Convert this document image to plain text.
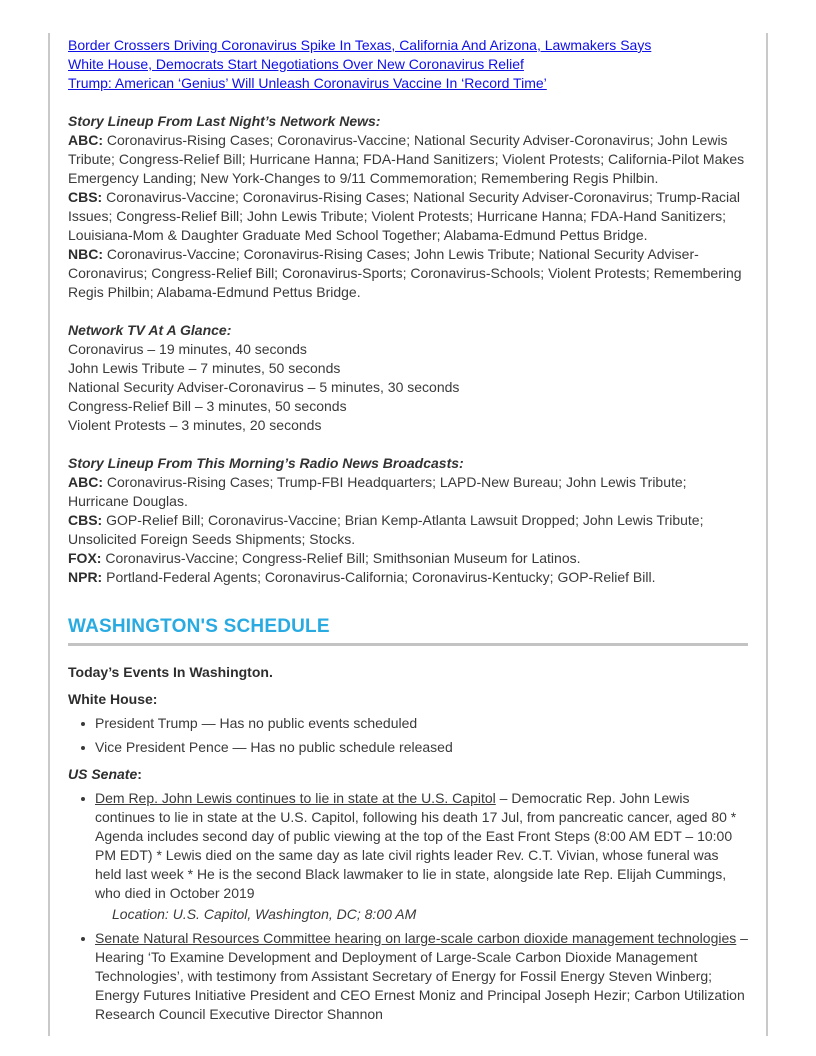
Border Crossers Driving Coronavirus Spike In Texas, California And Arizona, Lawmakers Says
White House, Democrats Start Negotiations Over New Coronavirus Relief
Trump: American ‘Genius’ Will Unleash Coronavirus Vaccine In ‘Record Time’
Story Lineup From Last Night’s Network News:
ABC: Coronavirus-Rising Cases; Coronavirus-Vaccine; National Security Adviser-Coronavirus; John Lewis Tribute; Congress-Relief Bill; Hurricane Hanna; FDA-Hand Sanitizers; Violent Protests; California-Pilot Makes Emergency Landing; New York-Changes to 9/11 Commemoration; Remembering Regis Philbin.
CBS: Coronavirus-Vaccine; Coronavirus-Rising Cases; National Security Adviser-Coronavirus; Trump-Racial Issues; Congress-Relief Bill; John Lewis Tribute; Violent Protests; Hurricane Hanna; FDA-Hand Sanitizers; Louisiana-Mom & Daughter Graduate Med School Together; Alabama-Edmund Pettus Bridge.
NBC: Coronavirus-Vaccine; Coronavirus-Rising Cases; John Lewis Tribute; National Security Adviser-Coronavirus; Congress-Relief Bill; Coronavirus-Sports; Coronavirus-Schools; Violent Protests; Remembering Regis Philbin; Alabama-Edmund Pettus Bridge.
Network TV At A Glance:
Coronavirus – 19 minutes, 40 seconds
John Lewis Tribute – 7 minutes, 50 seconds
National Security Adviser-Coronavirus – 5 minutes, 30 seconds
Congress-Relief Bill – 3 minutes, 50 seconds
Violent Protests – 3 minutes, 20 seconds
Story Lineup From This Morning’s Radio News Broadcasts:
ABC: Coronavirus-Rising Cases; Trump-FBI Headquarters; LAPD-New Bureau; John Lewis Tribute; Hurricane Douglas.
CBS: GOP-Relief Bill; Coronavirus-Vaccine; Brian Kemp-Atlanta Lawsuit Dropped; John Lewis Tribute; Unsolicited Foreign Seeds Shipments; Stocks.
FOX: Coronavirus-Vaccine; Congress-Relief Bill; Smithsonian Museum for Latinos.
NPR: Portland-Federal Agents; Coronavirus-California; Coronavirus-Kentucky; GOP-Relief Bill.
WASHINGTON'S SCHEDULE
Today’s Events In Washington.
White House:
President Trump — Has no public events scheduled
Vice President Pence — Has no public schedule released
US Senate:
Dem Rep. John Lewis continues to lie in state at the U.S. Capitol – Democratic Rep. John Lewis continues to lie in state at the U.S. Capitol, following his death 17 Jul, from pancreatic cancer, aged 80 * Agenda includes second day of public viewing at the top of the East Front Steps (8:00 AM EDT – 10:00 PM EDT) * Lewis died on the same day as late civil rights leader Rev. C.T. Vivian, whose funeral was held last week * He is the second Black lawmaker to lie in state, alongside late Rep. Elijah Cummings, who died in October 2019
Location: U.S. Capitol, Washington, DC; 8:00 AM
Senate Natural Resources Committee hearing on large-scale carbon dioxide management technologies – Hearing ‘To Examine Development and Deployment of Large-Scale Carbon Dioxide Management Technologies’, with testimony from Assistant Secretary of Energy for Fossil Energy Steven Winberg; Energy Futures Initiative President and CEO Ernest Moniz and Principal Joseph Hezir; Carbon Utilization Research Council Executive Director Shannon
